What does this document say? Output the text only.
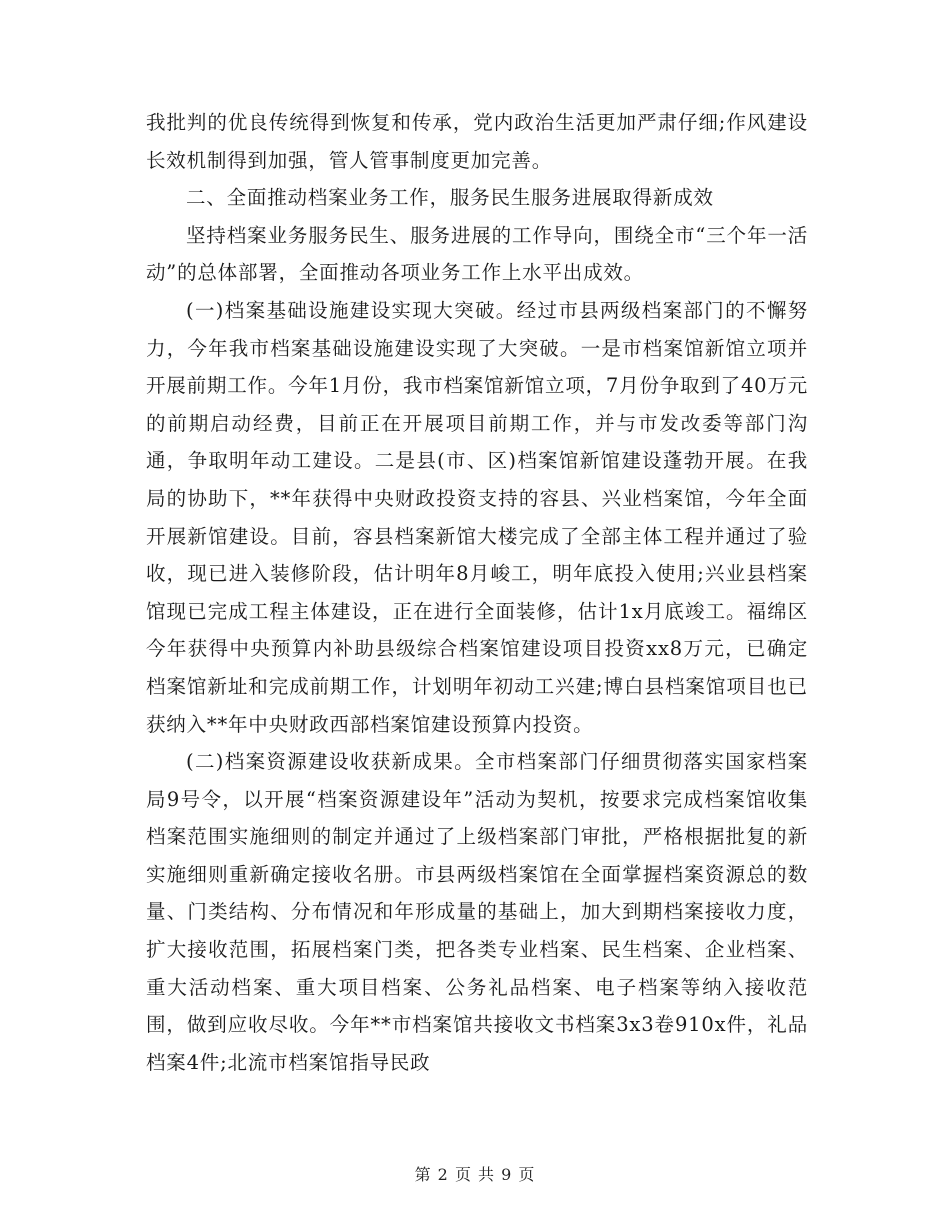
我批判的优良传统得到恢复和传承，党内政治生活更加严肃仔细;作风建设长效机制得到加强，管人管事制度更加完善。

二、全面推动档案业务工作，服务民生服务进展取得新成效

坚持档案业务服务民生、服务进展的工作导向，围绕全市“三个年一活动”的总体部署，全面推动各项业务工作上水平出成效。

(一)档案基础设施建设实现大突破。经过市县两级档案部门的不懈努力，今年我市档案基础设施建设实现了大突破。一是市档案馆新馆立项并开展前期工作。今年1月份，我市档案馆新馆立项，7月份争取到了40万元的前期启动经费，目前正在开展项目前期工作，并与市发改委等部门沟通，争取明年动工建设。二是县(市、区)档案馆新馆建设蓬勃开展。在我局的协助下，**年获得中央财政投资支持的容县、兴业档案馆，今年全面开展新馆建设。目前，容县档案新馆大楼完成了全部主体工程并通过了验收，现已进入装修阶段，估计明年8月峻工，明年底投入使用;兴业县档案馆现已完成工程主体建设，正在进行全面装修，估计1x月底竣工。福绵区今年获得中央预算内补助县级综合档案馆建设项目投资xx8万元，已确定档案馆新址和完成前期工作，计划明年初动工兴建;博白县档案馆项目也已获纳入**年中央财政西部档案馆建设预算内投资。

(二)档案资源建设收获新成果。全市档案部门仔细贯彻落实国家档案局9号令，以开展“档案资源建设年”活动为契机，按要求完成档案馆收集档案范围实施细则的制定并通过了上级档案部门审批，严格根据批复的新实施细则重新确定接收名册。市县两级档案馆在全面掌握档案资源总的数量、门类结构、分布情况和年形成量的基础上，加大到期档案接收力度，扩大接收范围，拓展档案门类，把各类专业档案、民生档案、企业档案、重大活动档案、重大项目档案、公务礼品档案、电子档案等纳入接收范围，做到应收尽收。今年**市档案馆共接收文书档案3x3卷910x件，礼品档案4件;北流市档案馆指导民政

第 2 页 共 9 页
